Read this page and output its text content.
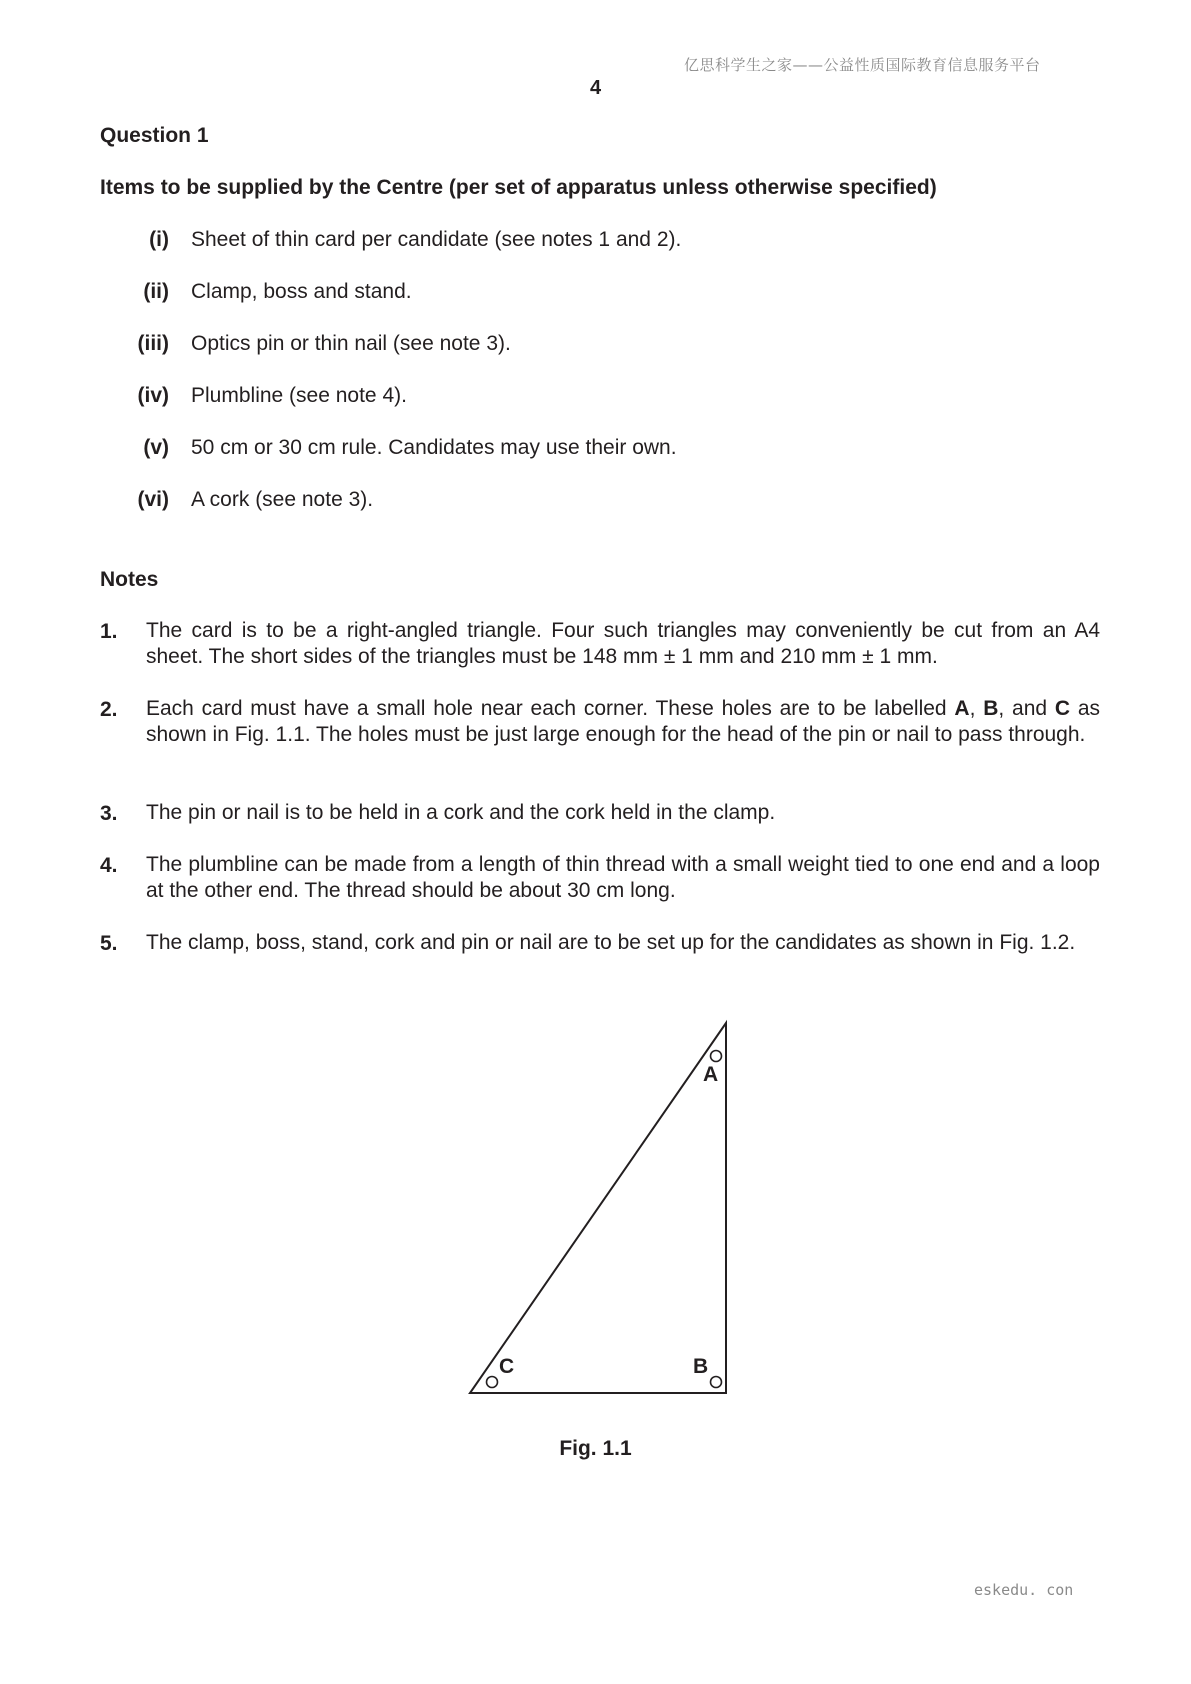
亿思科学生之家——公益性质国际教育信息服务平台
4
Question 1
Items to be supplied by the Centre (per set of apparatus unless otherwise specified)
(i) Sheet of thin card per candidate (see notes 1 and 2).
(ii) Clamp, boss and stand.
(iii) Optics pin or thin nail (see note 3).
(iv) Plumbline (see note 4).
(v) 50 cm or 30 cm rule. Candidates may use their own.
(vi) A cork (see note 3).
Notes
1. The card is to be a right-angled triangle. Four such triangles may conveniently be cut from an A4 sheet. The short sides of the triangles must be 148 mm ± 1 mm and 210 mm ± 1 mm.
2. Each card must have a small hole near each corner. These holes are to be labelled A, B, and C as shown in Fig. 1.1. The holes must be just large enough for the head of the pin or nail to pass through.
3. The pin or nail is to be held in a cork and the cork held in the clamp.
4. The plumbline can be made from a length of thin thread with a small weight tied to one end and a loop at the other end. The thread should be about 30 cm long.
5. The clamp, boss, stand, cork and pin or nail are to be set up for the candidates as shown in Fig. 1.2.
A
B
C
Fig. 1.1
eskedu. con
